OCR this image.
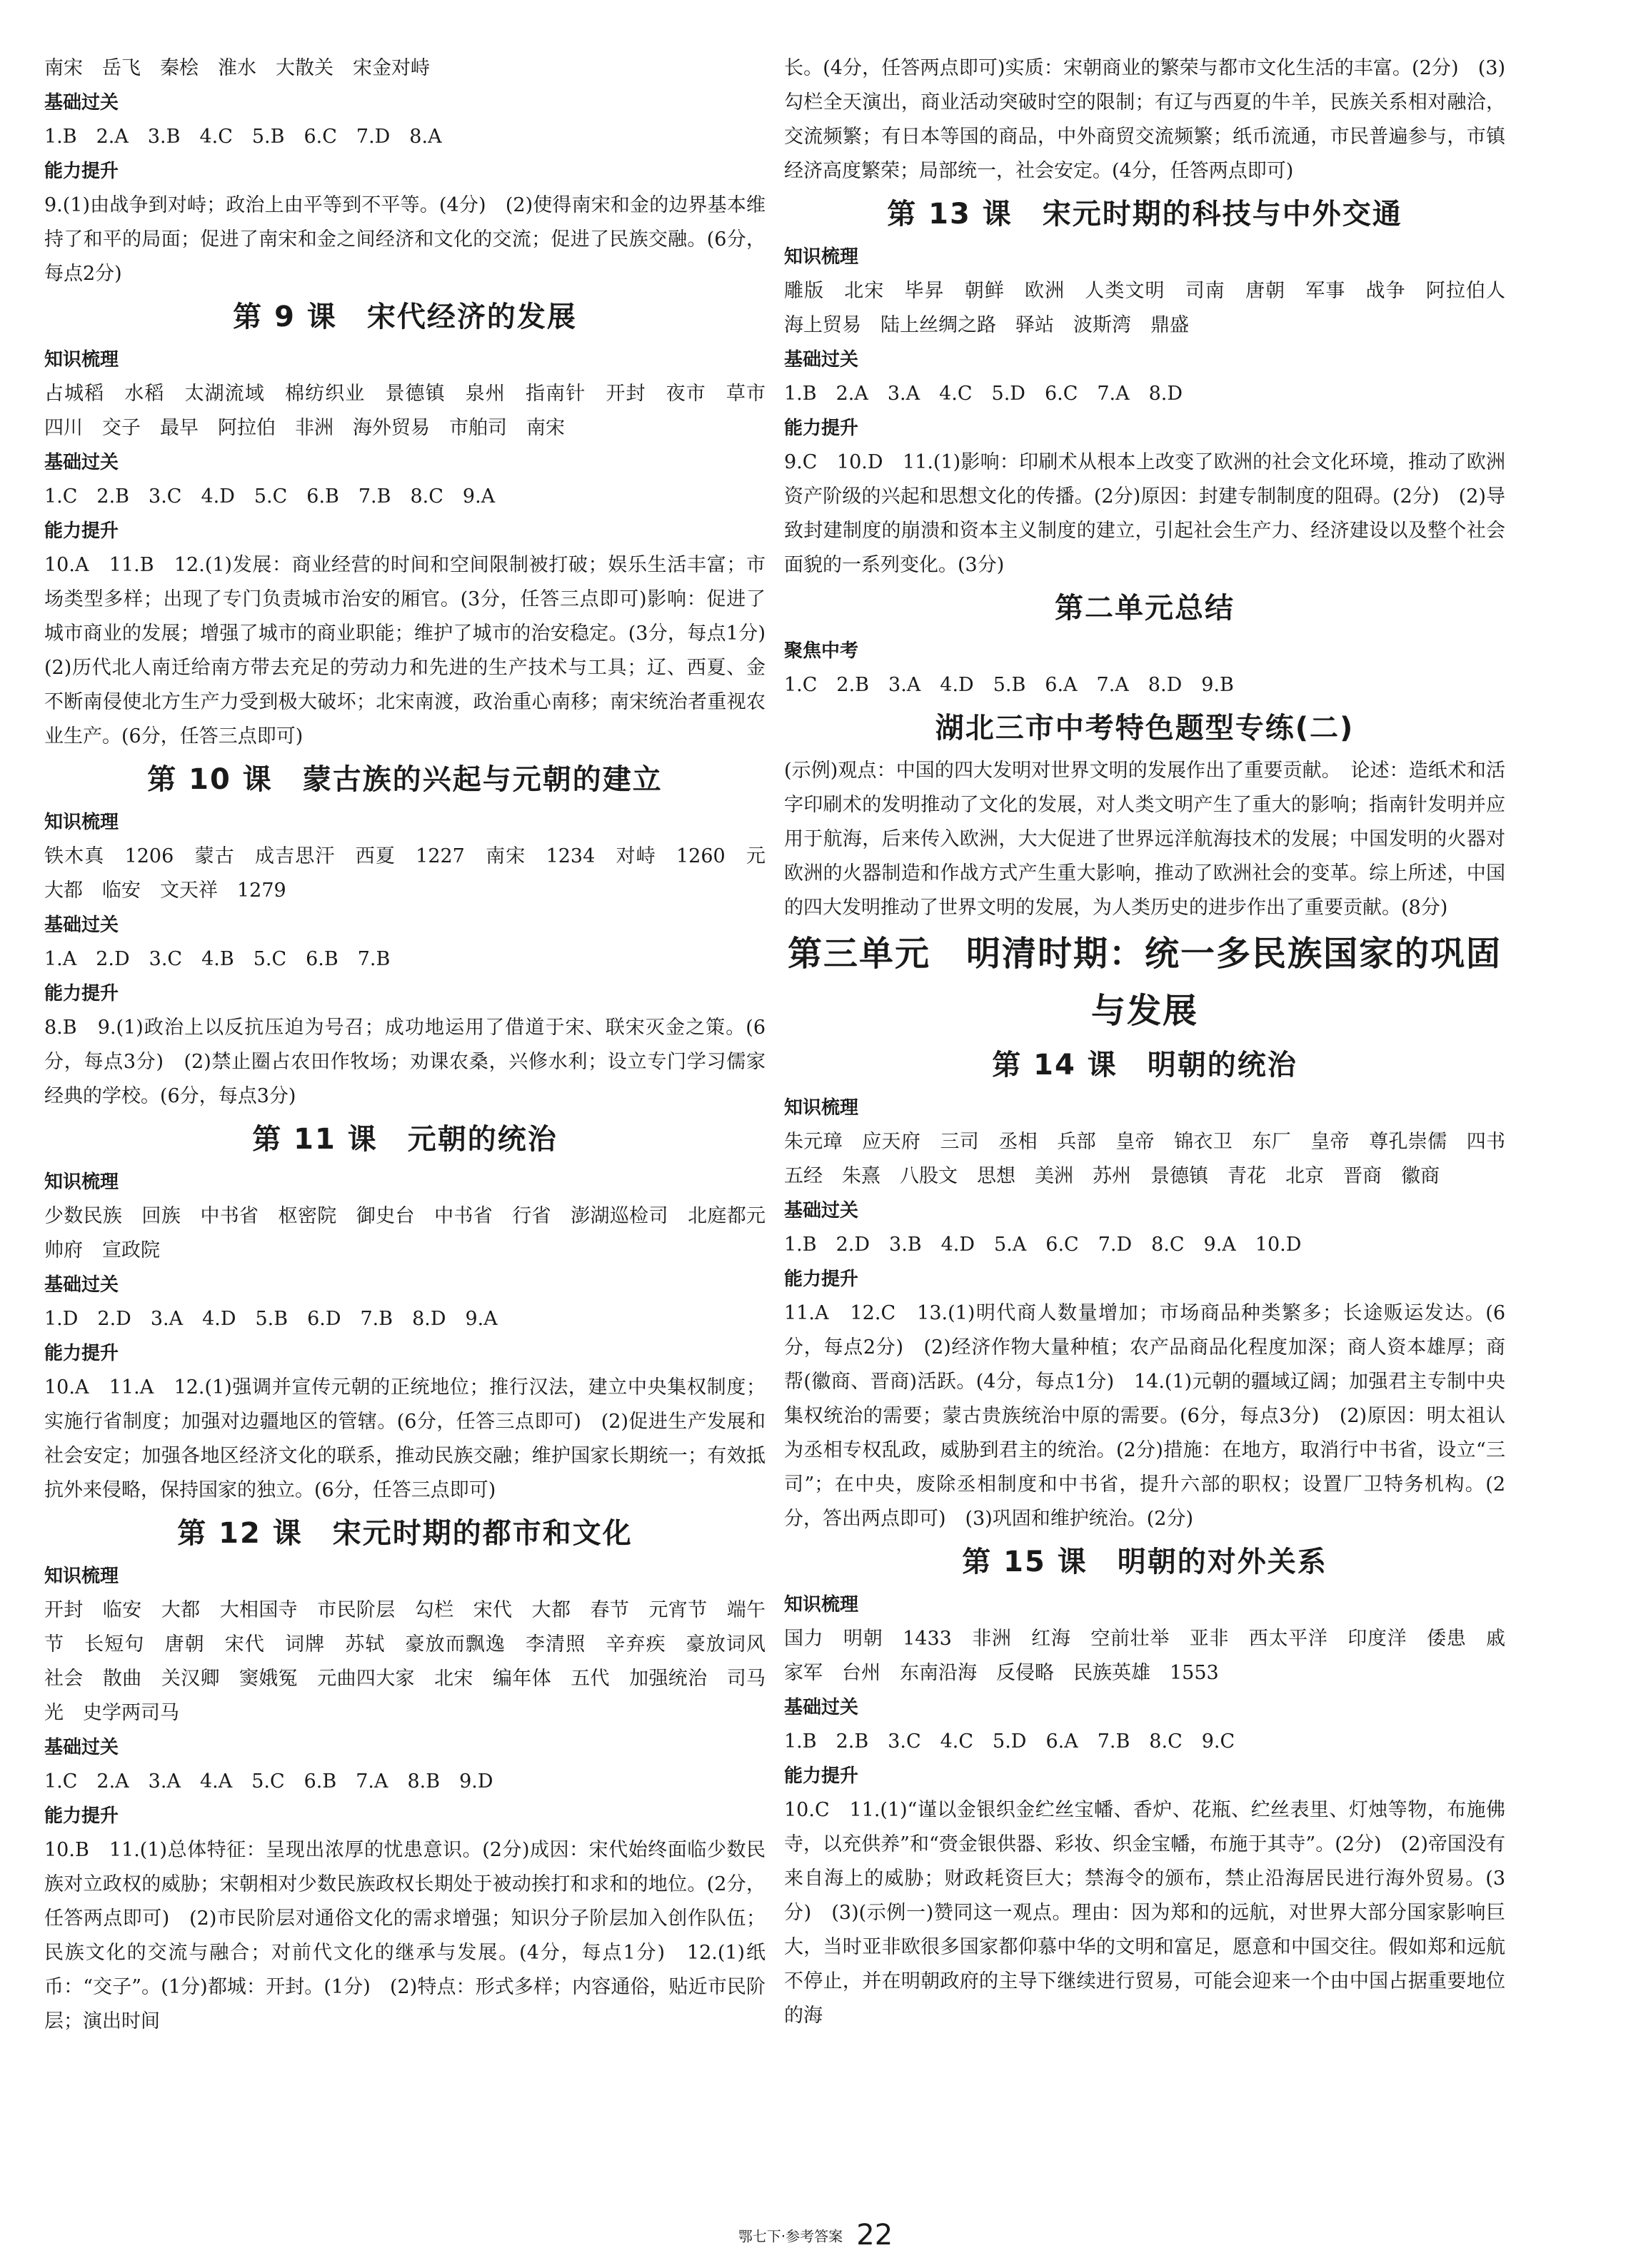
南宋　岳飞　秦桧　淮水　大散关　宋金对峙
基础过关
1.B　2.A　3.B　4.C　5.B　6.C　7.D　8.A
能力提升
9.(1)由战争到对峙；政治上由平等到不平等。(4分)　(2)使得南宋和金的边界基本维持了和平的局面；促进了南宋和金之间经济和文化的交流；促进了民族交融。(6分，每点2分)
第 9 课　宋代经济的发展
知识梳理
占城稻　水稻　太湖流域　棉纺织业　景德镇　泉州　指南针　开封　夜市　草市　四川　交子　最早　阿拉伯　非洲　海外贸易　市舶司　南宋
基础过关
1.C　2.B　3.C　4.D　5.C　6.B　7.B　8.C　9.A
能力提升
10.A　11.B　12.(1)发展：商业经营的时间和空间限制被打破；娱乐生活丰富；市场类型多样；出现了专门负责城市治安的厢官。(3分，任答三点即可)影响：促进了城市商业的发展；增强了城市的商业职能；维护了城市的治安稳定。(3分，每点1分)　(2)历代北人南迁给南方带去充足的劳动力和先进的生产技术与工具；辽、西夏、金不断南侵使北方生产力受到极大破坏；北宋南渡，政治重心南移；南宋统治者重视农业生产。(6分，任答三点即可)
第 10 课　蒙古族的兴起与元朝的建立
知识梳理
铁木真　1206　蒙古　成吉思汗　西夏　1227　南宋　1234　对峙　1260　元　大都　临安　文天祥　1279
基础过关
1.A　2.D　3.C　4.B　5.C　6.B　7.B
能力提升
8.B　9.(1)政治上以反抗压迫为号召；成功地运用了借道于宋、联宋灭金之策。(6分，每点3分)　(2)禁止圈占农田作牧场；劝课农桑，兴修水利；设立专门学习儒家经典的学校。(6分，每点3分)
第 11 课　元朝的统治
知识梳理
少数民族　回族　中书省　枢密院　御史台　中书省　行省　澎湖巡检司　北庭都元帅府　宣政院
基础过关
1.D　2.D　3.A　4.D　5.B　6.D　7.B　8.D　9.A
能力提升
10.A　11.A　12.(1)强调并宣传元朝的正统地位；推行汉法，建立中央集权制度；实施行省制度；加强对边疆地区的管辖。(6分，任答三点即可)　(2)促进生产发展和社会安定；加强各地区经济文化的联系，推动民族交融；维护国家长期统一；有效抵抗外来侵略，保持国家的独立。(6分，任答三点即可)
第 12 课　宋元时期的都市和文化
知识梳理
开封　临安　大都　大相国寺　市民阶层　勾栏　宋代　大都　春节　元宵节　端午节　长短句　唐朝　宋代　词牌　苏轼　豪放而飘逸　李清照　辛弃疾　豪放词风　社会　散曲　关汉卿　窦娥冤　元曲四大家　北宋　编年体　五代　加强统治　司马光　史学两司马
基础过关
1.C　2.A　3.A　4.A　5.C　6.B　7.A　8.B　9.D
能力提升
10.B　11.(1)总体特征：呈现出浓厚的忧患意识。(2分)成因：宋代始终面临少数民族对立政权的威胁；宋朝相对少数民族政权长期处于被动挨打和求和的地位。(2分，任答两点即可)　(2)市民阶层对通俗文化的需求增强；知识分子阶层加入创作队伍；民族文化的交流与融合；对前代文化的继承与发展。(4分，每点1分)　12.(1)纸币：“交子”。(1分)都城：开封。(1分)　(2)特点：形式多样；内容通俗，贴近市民阶层；演出时间
长。(4分，任答两点即可)实质：宋朝商业的繁荣与都市文化生活的丰富。(2分)　(3)勾栏全天演出，商业活动突破时空的限制；有辽与西夏的牛羊，民族关系相对融洽，交流频繁；有日本等国的商品，中外商贸交流频繁；纸币流通，市民普遍参与，市镇经济高度繁荣；局部统一，社会安定。(4分，任答两点即可)
第 13 课　宋元时期的科技与中外交通
知识梳理
雕版　北宋　毕昇　朝鲜　欧洲　人类文明　司南　唐朝　军事　战争　阿拉伯人　海上贸易　陆上丝绸之路　驿站　波斯湾　鼎盛
基础过关
1.B　2.A　3.A　4.C　5.D　6.C　7.A　8.D
能力提升
9.C　10.D　11.(1)影响：印刷术从根本上改变了欧洲的社会文化环境，推动了欧洲资产阶级的兴起和思想文化的传播。(2分)原因：封建专制制度的阻碍。(2分)　(2)导致封建制度的崩溃和资本主义制度的建立，引起社会生产力、经济建设以及整个社会面貌的一系列变化。(3分)
第二单元总结
聚焦中考
1.C　2.B　3.A　4.D　5.B　6.A　7.A　8.D　9.B
湖北三市中考特色题型专练(二)
(示例)观点：中国的四大发明对世界文明的发展作出了重要贡献。　论述：造纸术和活字印刷术的发明推动了文化的发展，对人类文明产生了重大的影响；指南针发明并应用于航海，后来传入欧洲，大大促进了世界远洋航海技术的发展；中国发明的火器对欧洲的火器制造和作战方式产生重大影响，推动了欧洲社会的变革。综上所述，中国的四大发明推动了世界文明的发展，为人类历史的进步作出了重要贡献。(8分)
第三单元　明清时期：统一多民族国家的巩固与发展
第 14 课　明朝的统治
知识梳理
朱元璋　应天府　三司　丞相　兵部　皇帝　锦衣卫　东厂　皇帝　尊孔崇儒　四书　五经　朱熹　八股文　思想　美洲　苏州　景德镇　青花　北京　晋商　徽商
基础过关
1.B　2.D　3.B　4.D　5.A　6.C　7.D　8.C　9.A　10.D
能力提升
11.A　12.C　13.(1)明代商人数量增加；市场商品种类繁多；长途贩运发达。(6分，每点2分)　(2)经济作物大量种植；农产品商品化程度加深；商人资本雄厚；商帮(徽商、晋商)活跃。(4分，每点1分)　14.(1)元朝的疆域辽阔；加强君主专制中央集权统治的需要；蒙古贵族统治中原的需要。(6分，每点3分)　(2)原因：明太祖认为丞相专权乱政，威胁到君主的统治。(2分)措施：在地方，取消行中书省，设立“三司”；在中央，废除丞相制度和中书省，提升六部的职权；设置厂卫特务机构。(2分，答出两点即可)　(3)巩固和维护统治。(2分)
第 15 课　明朝的对外关系
知识梳理
国力　明朝　1433　非洲　红海　空前壮举　亚非　西太平洋　印度洋　倭患　戚家军　台州　东南沿海　反侵略　民族英雄　1553
基础过关
1.B　2.B　3.C　4.C　5.D　6.A　7.B　8.C　9.C
能力提升
10.C　11.(1)“谨以金银织金纻丝宝幡、香炉、花瓶、纻丝表里、灯烛等物，布施佛寺，以充供养”和“赍金银供器、彩妆、织金宝幡，布施于其寺”。(2分)　(2)帝国没有来自海上的威胁；财政耗资巨大；禁海令的颁布，禁止沿海居民进行海外贸易。(3分)　(3)(示例一)赞同这一观点。理由：因为郑和的远航，对世界大部分国家影响巨大，当时亚非欧很多国家都仰慕中华的文明和富足，愿意和中国交往。假如郑和远航不停止，并在明朝政府的主导下继续进行贸易，可能会迎来一个由中国占据重要地位的海
鄂七下·参考答案 22
